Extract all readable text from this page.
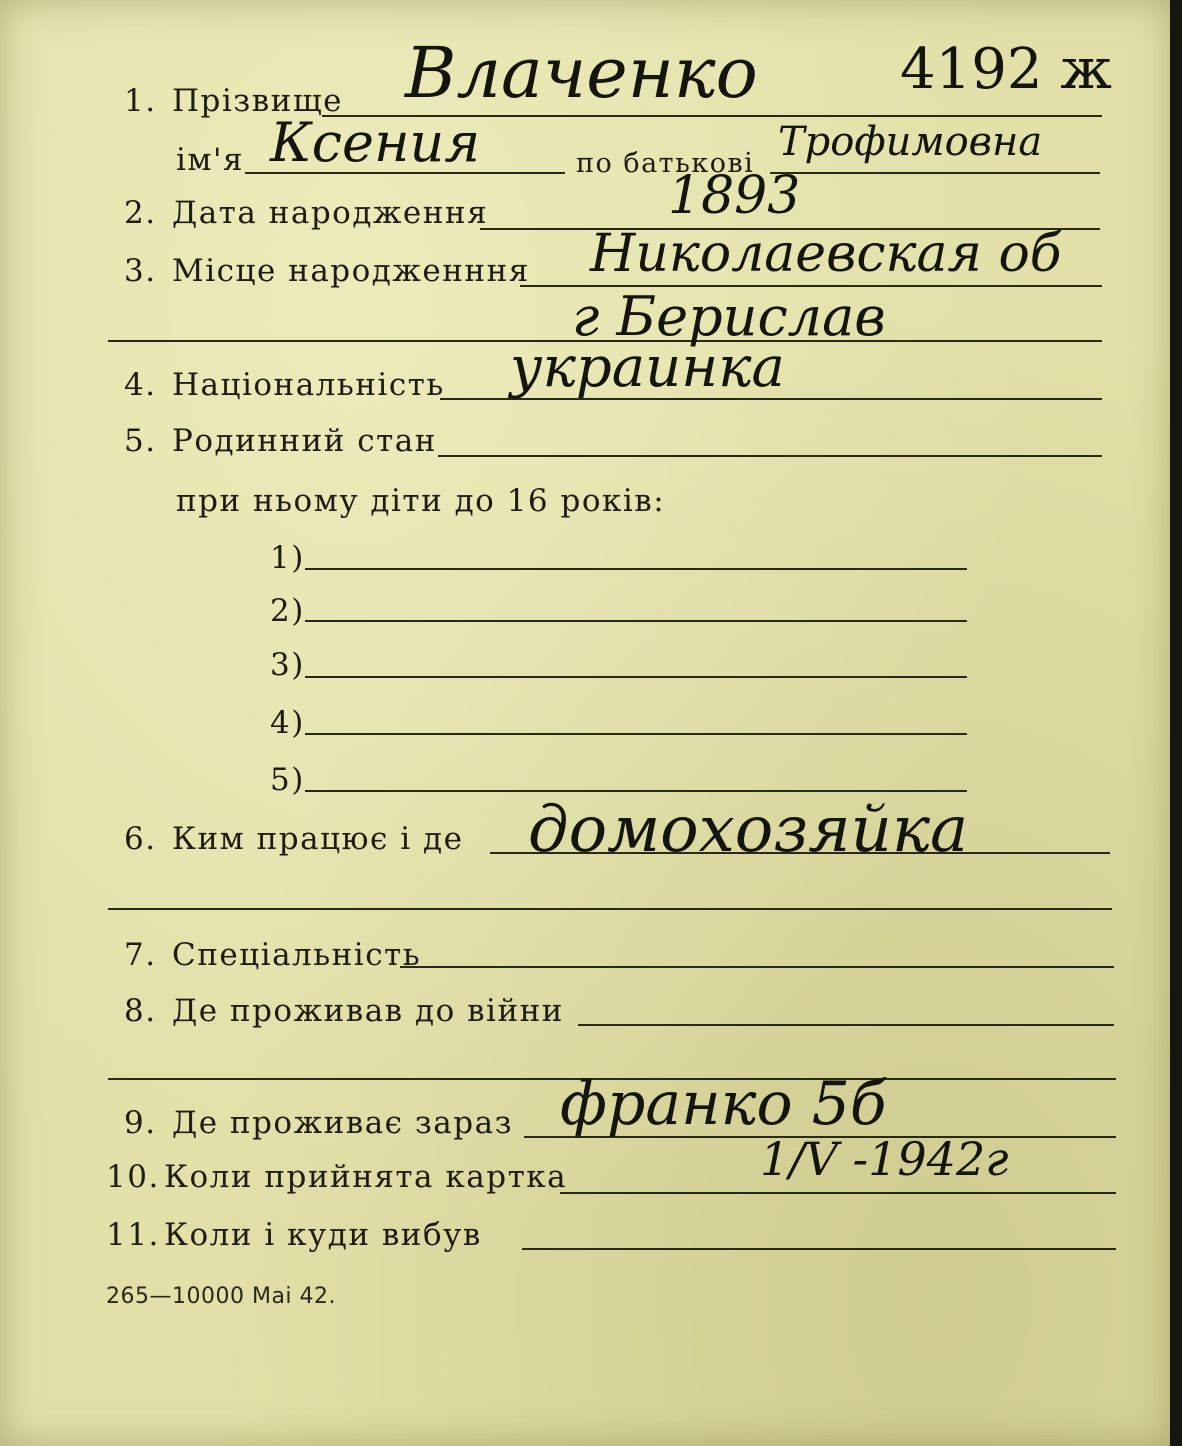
1. Прізвище Влаченко	4192 ж
ім'я Ксения	по батькові Трофимовна
2. Дата народження	1893
3. Місце народженння Николаевская об
г Берислав
4. Національність украинка
5. Родинний стан
при ньому діти до 16 років:
1)
2)
3)
4)
5)
6. Ким працює і де домохозяйка
7. Спеціальність
8. Де проживав до війни
9. Де проживає зараз франко 5б
10. Коли прийнята картка	1/V -1942г
11. Коли і куди вибув
265—10000 Маі 42.
